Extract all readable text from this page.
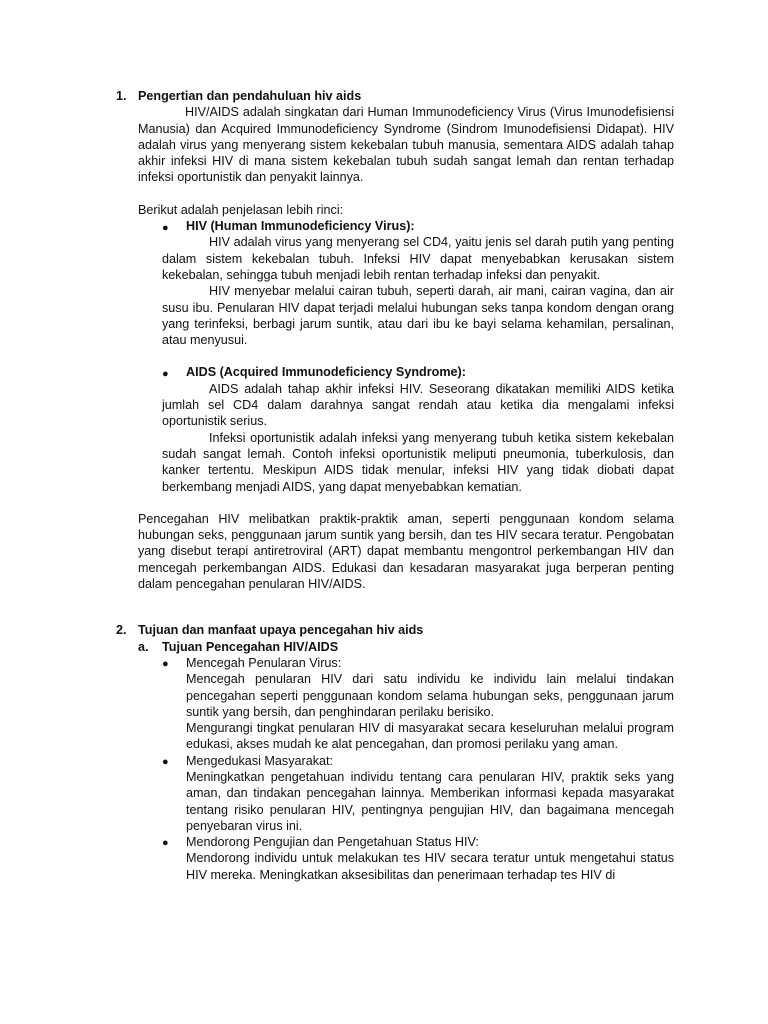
1. Pengertian dan pendahuluan hiv aids

HIV/AIDS adalah singkatan dari Human Immunodeficiency Virus (Virus Imunodefisiensi Manusia) dan Acquired Immunodeficiency Syndrome (Sindrom Imunodefisiensi Didapat). HIV adalah virus yang menyerang sistem kekebalan tubuh manusia, sementara AIDS adalah tahap akhir infeksi HIV di mana sistem kekebalan tubuh sudah sangat lemah dan rentan terhadap infeksi oportunistik dan penyakit lainnya.

Berikut adalah penjelasan lebih rinci:

●	HIV (Human Immunodeficiency Virus):

HIV adalah virus yang menyerang sel CD4, yaitu jenis sel darah putih yang penting dalam sistem kekebalan tubuh. Infeksi HIV dapat menyebabkan kerusakan sistem kekebalan, sehingga tubuh menjadi lebih rentan terhadap infeksi dan penyakit.

HIV menyebar melalui cairan tubuh, seperti darah, air mani, cairan vagina, dan air susu ibu. Penularan HIV dapat terjadi melalui hubungan seks tanpa kondom dengan orang yang terinfeksi, berbagi jarum suntik, atau dari ibu ke bayi selama kehamilan, persalinan, atau menyusui.

●	AIDS (Acquired Immunodeficiency Syndrome):

AIDS adalah tahap akhir infeksi HIV. Seseorang dikatakan memiliki AIDS ketika jumlah sel CD4 dalam darahnya sangat rendah atau ketika dia mengalami infeksi oportunistik serius.

Infeksi oportunistik adalah infeksi yang menyerang tubuh ketika sistem kekebalan sudah sangat lemah. Contoh infeksi oportunistik meliputi pneumonia, tuberkulosis, dan kanker tertentu. Meskipun AIDS tidak menular, infeksi HIV yang tidak diobati dapat berkembang menjadi AIDS, yang dapat menyebabkan kematian.

Pencegahan HIV melibatkan praktik-praktik aman, seperti penggunaan kondom selama hubungan seks, penggunaan jarum suntik yang bersih, dan tes HIV secara teratur. Pengobatan yang disebut terapi antiretroviral (ART) dapat membantu mengontrol perkembangan HIV dan mencegah perkembangan AIDS. Edukasi dan kesadaran masyarakat juga berperan penting dalam pencegahan penularan HIV/AIDS.

2. Tujuan dan manfaat upaya pencegahan hiv aids
a. Tujuan Pencegahan HIV/AIDS
●	Mencegah Penularan Virus:

Mencegah penularan HIV dari satu individu ke individu lain melalui tindakan pencegahan seperti penggunaan kondom selama hubungan seks, penggunaan jarum suntik yang bersih, dan penghindaran perilaku berisiko.

Mengurangi tingkat penularan HIV di masyarakat secara keseluruhan melalui program edukasi, akses mudah ke alat pencegahan, dan promosi perilaku yang aman.

●	Mengedukasi Masyarakat:

Meningkatkan pengetahuan individu tentang cara penularan HIV, praktik seks yang aman, dan tindakan pencegahan lainnya. Memberikan informasi kepada masyarakat tentang risiko penularan HIV, pentingnya pengujian HIV, dan bagaimana mencegah penyebaran virus ini.

●	Mendorong Pengujian dan Pengetahuan Status HIV:

Mendorong individu untuk melakukan tes HIV secara teratur untuk mengetahui status HIV mereka. Meningkatkan aksesibilitas dan penerimaan terhadap tes HIV di
